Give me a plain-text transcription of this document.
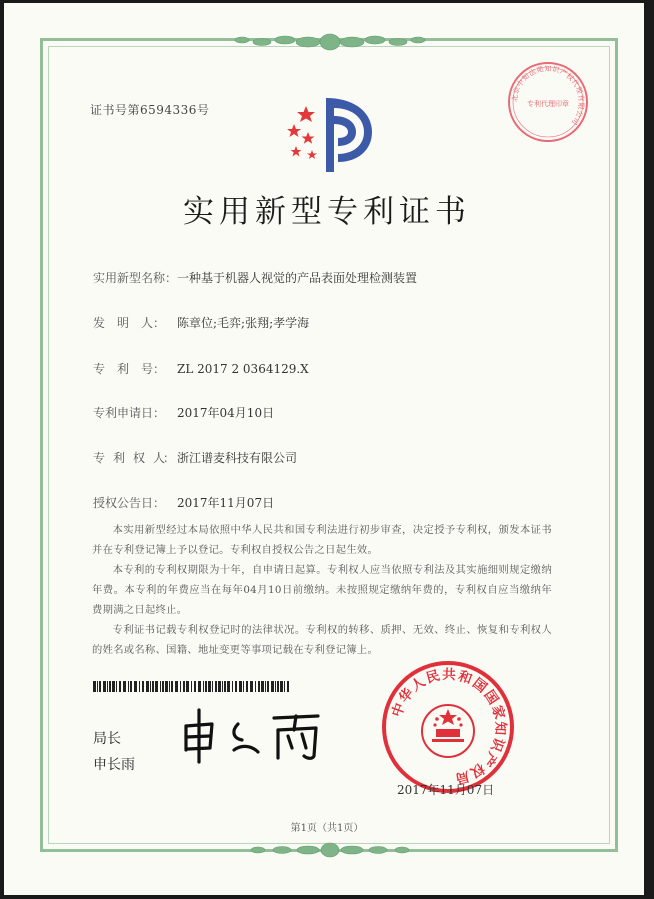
证书号第6594336号
北京中知法苑知识产权代理有限公司
专利代理印章
实用新型专利证书
实用新型名称：一种基于机器人视觉的产品表面处理检测装置
发　明　人： 陈章位;毛弈;张翔;孝学海
专　利　号： ZL 2017 2 0364129.X
专利申请日： 2017年04月10日
专　利　权　人： 浙江谱麦科技有限公司
授权公告日： 2017年11月07日

本实用新型经过本局依照中华人民共和国专利法进行初步审查，决定授予专利权，颁发本证书并在专利登记簿上予以登记。专利权自授权公告之日起生效。

本专利的专利权期限为十年，自申请日起算。专利权人应当依照专利法及其实施细则规定缴纳年费。本专利的年费应当在每年04月10日前缴纳。未按照规定缴纳年费的，专利权自应当缴纳年费期满之日起终止。

专利证书记载专利权登记时的法律状况。专利权的转移、质押、无效、终止、恢复和专利权人的姓名或名称、国籍、地址变更等事项记载在专利登记簿上。

局长
申长雨
中华人民共和国国家知识产权局
2017年11月07日
第1页（共1页）
